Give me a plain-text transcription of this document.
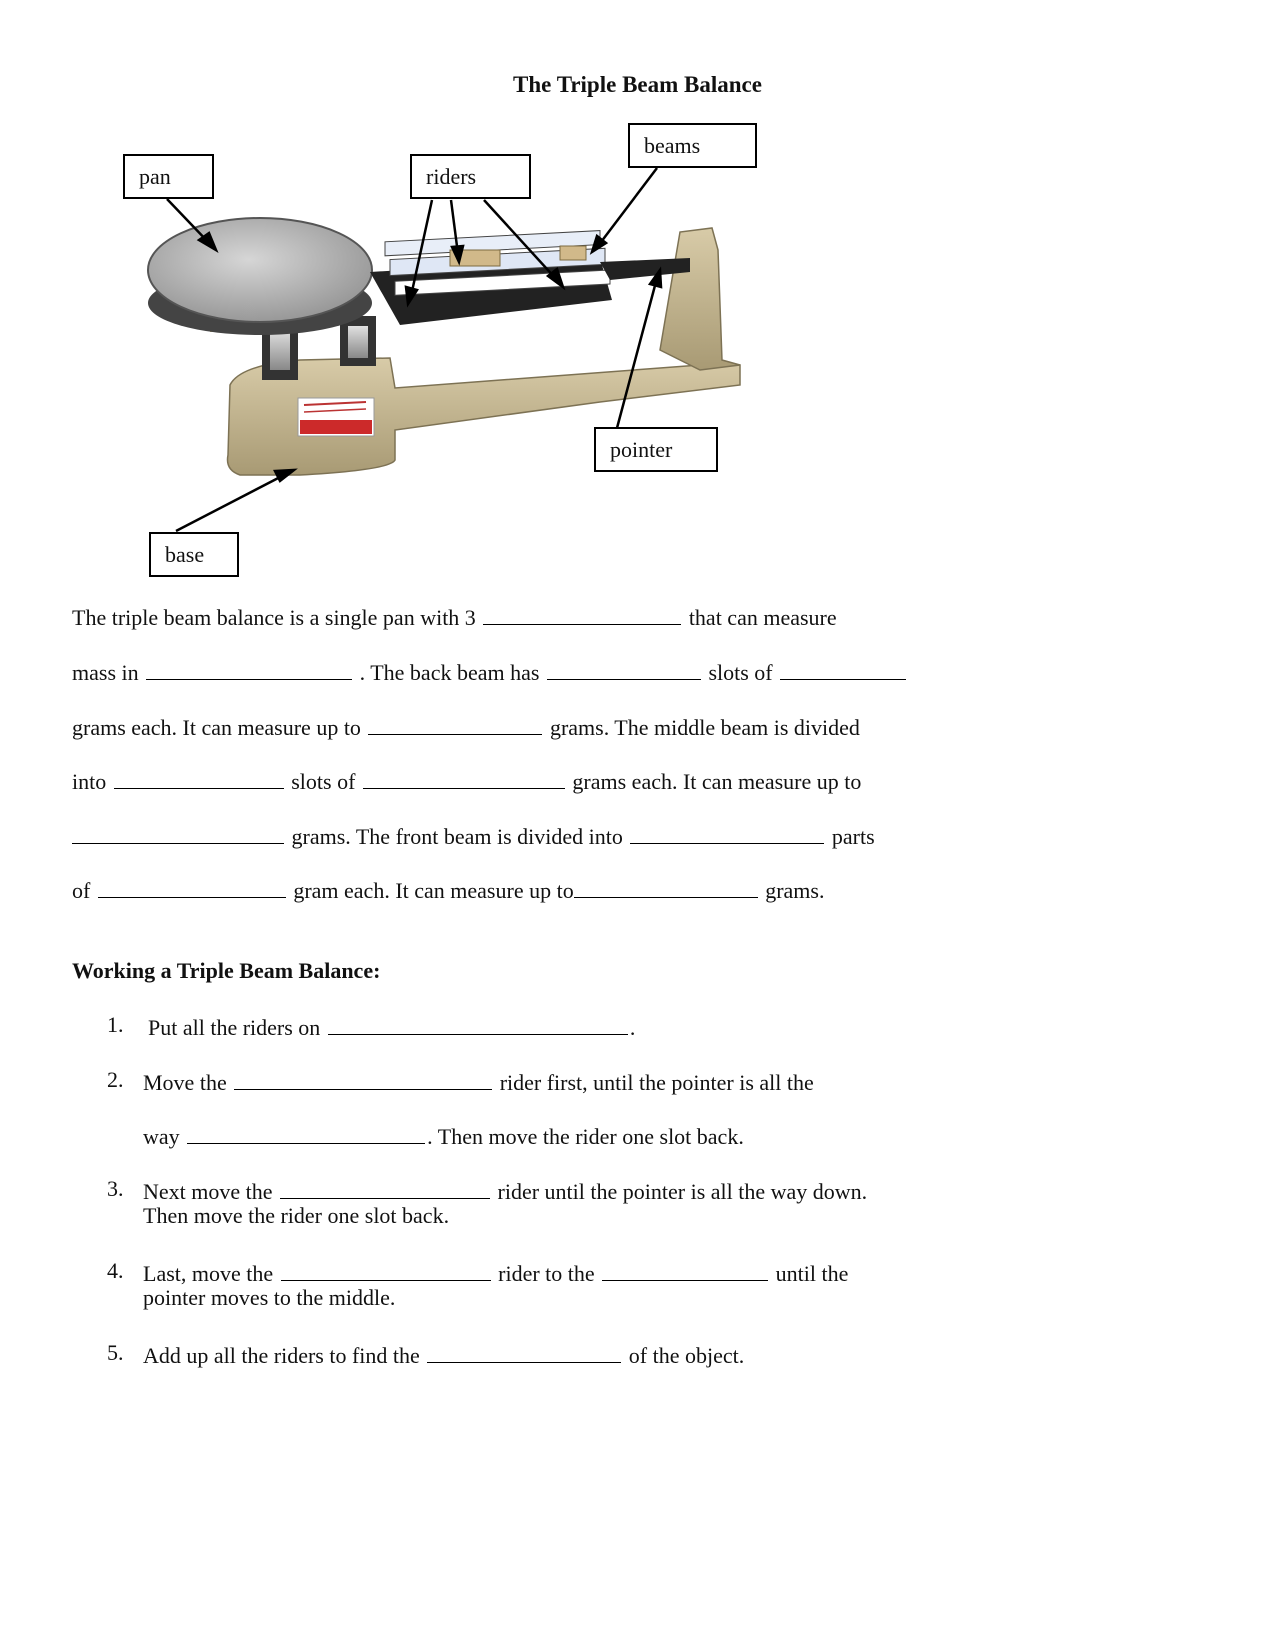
The Triple Beam Balance
pan	riders
beams
pointer
base
The triple beam balance is a single pan with 3	that can measure
mass in	. The back beam has	slots of
grams each. It can measure up to	grams. The middle beam is divided
into	slots of	grams each. It can measure up to
grams. The front beam is divided into	parts
of	gram each. It can measure up to	grams.
Working a Triple Beam Balance:
1. Put all the riders on	.
2. Move the	rider first, until the pointer is all the
way	. Then move the rider one slot back.
3. Next move the	rider until the pointer is all the way down.
Then move the rider one slot back.
4. Last, move the	rider to the	until the
pointer moves to the middle.
5. Add up all the riders to find the	of the object.
